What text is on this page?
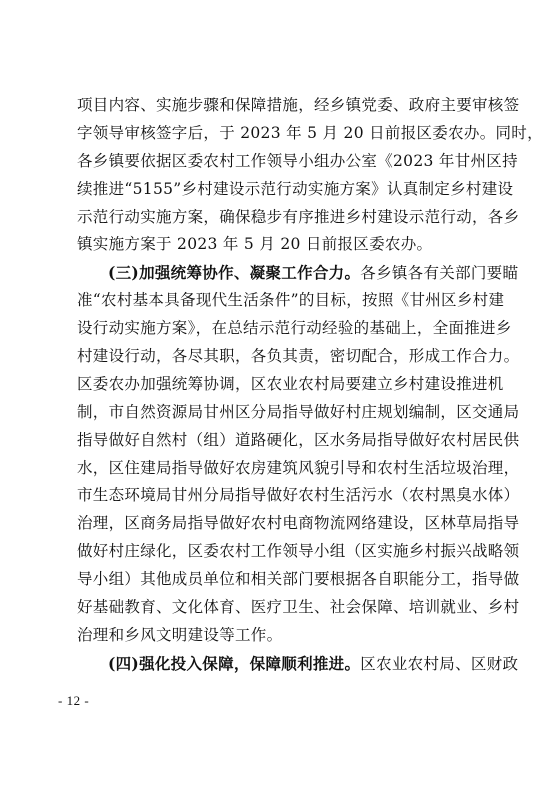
项目内容、实施步骤和保障措施，经乡镇党委、政府主要审核签
字领导审核签字后，于 2023 年 5 月 20 日前报区委农办。同时，
各乡镇要依据区委农村工作领导小组办公室《2023 年甘州区持
续推进“5155”乡村建设示范行动实施方案》认真制定乡村建设
示范行动实施方案，确保稳步有序推进乡村建设示范行动，各乡
镇实施方案于 2023 年 5 月 20 日前报区委农办。
(三)加强统筹协作、凝聚工作合力。各乡镇各有关部门要瞄
准“农村基本具备现代生活条件”的目标，按照《甘州区乡村建
设行动实施方案》，在总结示范行动经验的基础上，全面推进乡
村建设行动，各尽其职，各负其责，密切配合，形成工作合力。
区委农办加强统筹协调，区农业农村局要建立乡村建设推进机
制，市自然资源局甘州区分局指导做好村庄规划编制，区交通局
指导做好自然村（组）道路硬化，区水务局指导做好农村居民供
水，区住建局指导做好农房建筑风貌引导和农村生活垃圾治理，
市生态环境局甘州分局指导做好农村生活污水（农村黑臭水体）
治理，区商务局指导做好农村电商物流网络建设，区林草局指导
做好村庄绿化，区委农村工作领导小组（区实施乡村振兴战略领
导小组）其他成员单位和相关部门要根据各自职能分工，指导做
好基础教育、文化体育、医疗卫生、社会保障、培训就业、乡村
治理和乡风文明建设等工作。
(四)强化投入保障，保障顺利推进。区农业农村局、区财政
- 12 -
